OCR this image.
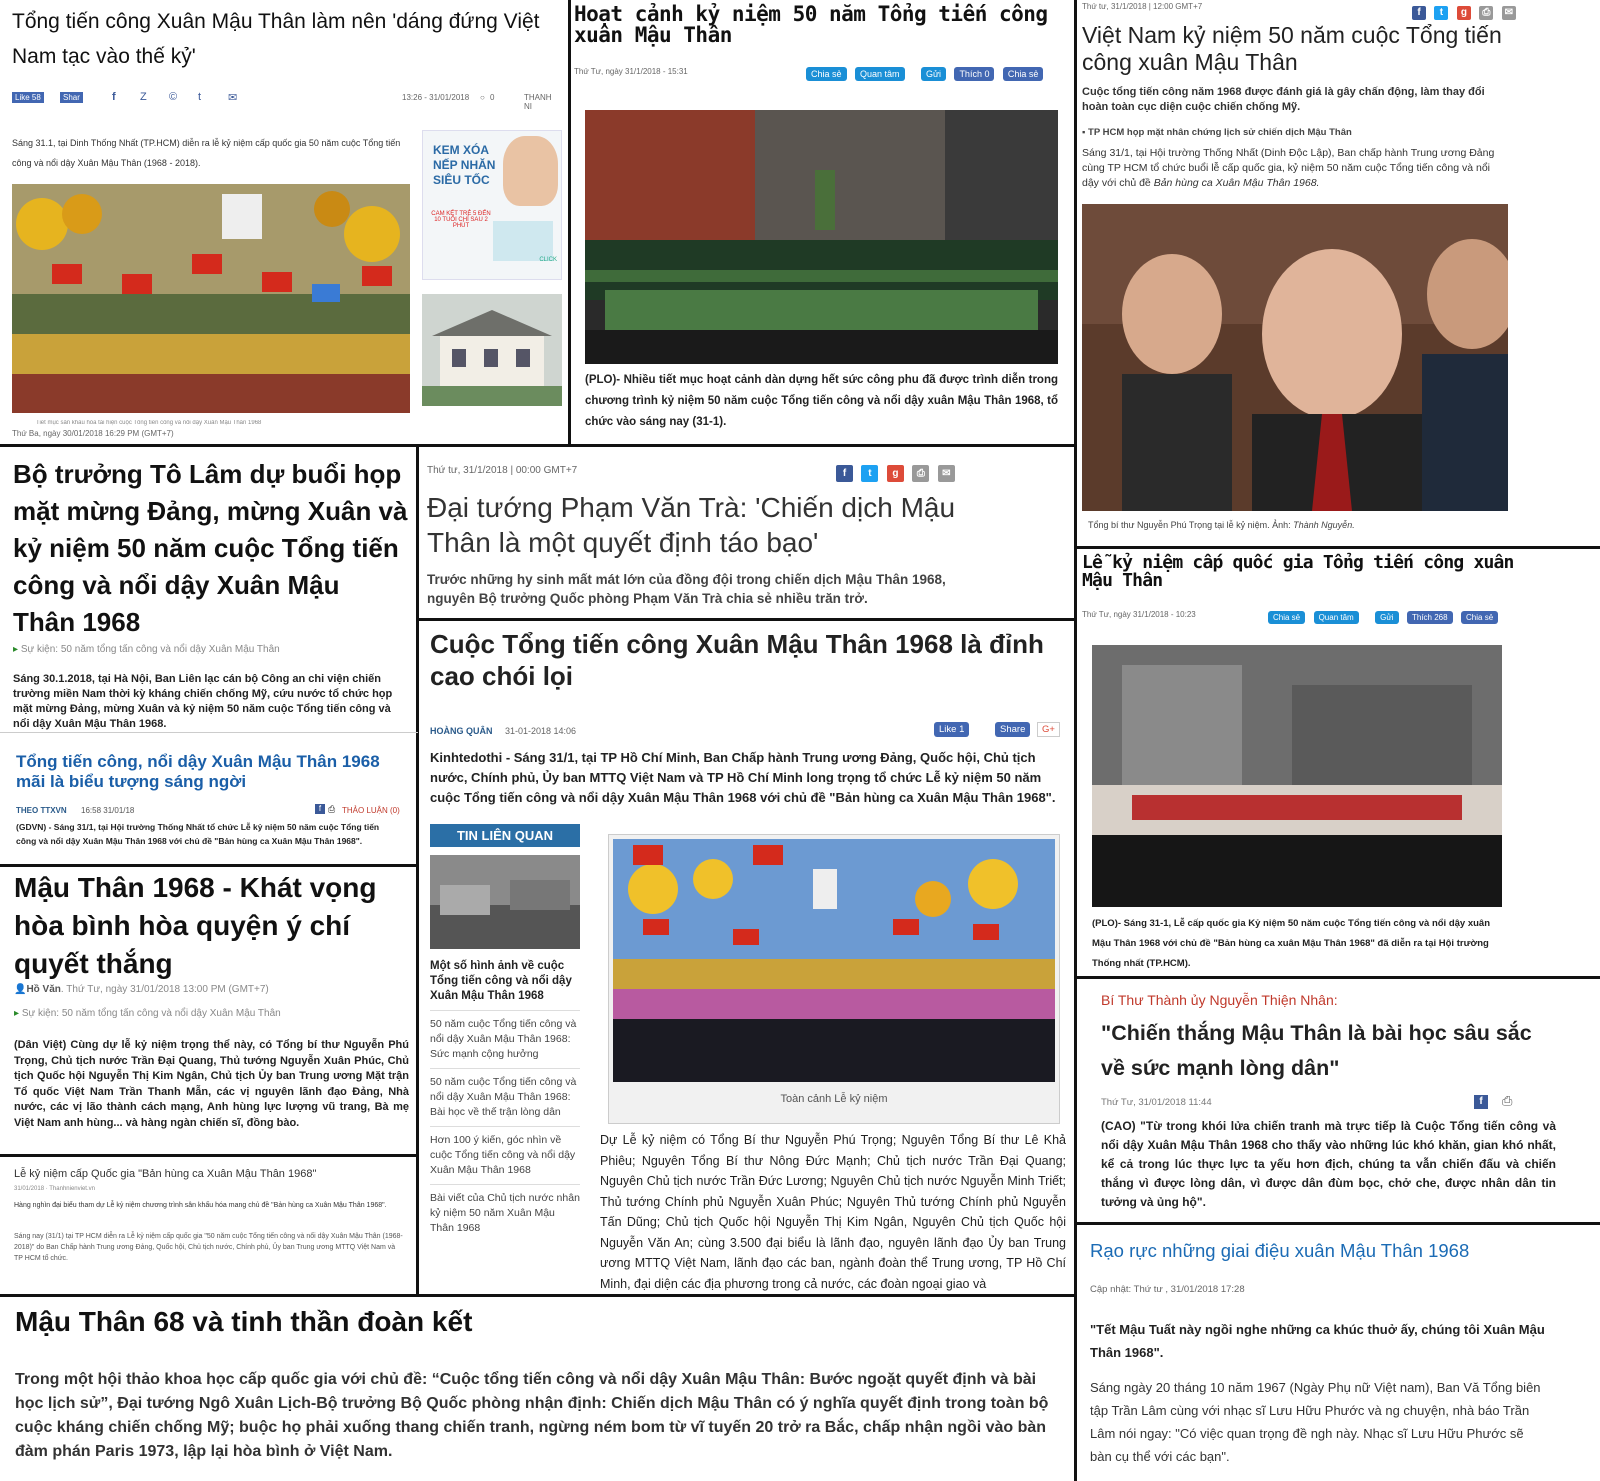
Tổng tiến công Xuân Mậu Thân làm nên 'dáng đứng Việt Nam tạc vào thế kỷ'
Like 58	Shar	f Z © t ✉	13:26 - 31/01/2018 ○ 0	THANH NI
Sáng 31.1, tại Dinh Thống Nhất (TP.HCM) diễn ra lễ kỷ niệm cấp quốc gia 50 năm cuộc Tổng tiến công và nổi dậy Xuân Mậu Thân (1968 - 2018).
Tiết mục sân khấu hóa tái hiện cuộc Tổng tiến công và nổi dậy Xuân Mậu Thân 1968
Thứ Ba, ngày 30/01/2018 16:29 PM (GMT+7)
KEM XÓA
NẾP NHĂN
SIÊU TỐC
CAM KẾT TRẺ 5 ĐẾN 10 TUỔI CHỈ SAU 2 PHÚT
CLICK
Hoạt cảnh kỷ niệm 50 năm Tổng tiến công xuân Mậu Thân
Thứ Tư, ngày 31/1/2018 - 15:31	Chia sẻ Quan tâm	Gửi Thích 0 Chia sẻ
(PLO)- Nhiều tiết mục hoạt cảnh dàn dựng hết sức công phu đã được trình diễn trong chương trình kỷ niệm 50 năm cuộc Tổng tiến công và nổi dậy xuân Mậu Thân 1968, tổ chức vào sáng nay (31-1).
Thứ tư, 31/1/2018 | 12:00 GMT+7
f t g ⎙ ✉
Việt Nam kỷ niệm 50 năm cuộc Tổng tiến công xuân Mậu Thân
Cuộc tổng tiến công năm 1968 được đánh giá là gây chấn động, làm thay đổi hoàn toàn cục diện cuộc chiến chống Mỹ.
▪ TP HCM họp mặt nhân chứng lịch sử chiến dịch Mậu Thân
Sáng 31/1, tại Hội trường Thống Nhất (Dinh Độc Lập), Ban chấp hành Trung ương Đảng cùng TP HCM tổ chức buổi lễ cấp quốc gia, kỷ niệm 50 năm cuộc Tổng tiến công và nổi dậy với chủ đề Bản hùng ca Xuân Mậu Thân 1968.
Tổng bí thư Nguyễn Phú Trọng tại lễ kỷ niệm. Ảnh: Thành Nguyễn.
Bộ trưởng Tô Lâm dự buổi họp mặt mừng Đảng, mừng Xuân và kỷ niệm 50 năm cuộc Tổng tiến công và nổi dậy Xuân Mậu Thân 1968
▸ Sự kiện: 50 năm tổng tấn công và nổi dậy Xuân Mậu Thân
Sáng 30.1.2018, tại Hà Nội, Ban Liên lạc cán bộ Công an chi viện chiến trường miền Nam thời kỳ kháng chiến chống Mỹ, cứu nước tổ chức họp mặt mừng Đảng, mừng Xuân và kỷ niệm 50 năm cuộc Tổng tiến công và nổi dậy Xuân Mậu Thân 1968.
Thứ tư, 31/1/2018 | 00:00 GMT+7	f t g ⎙ ✉
Đại tướng Phạm Văn Trà: 'Chiến dịch Mậu Thân là một quyết định táo bạo'
Trước những hy sinh mất mát lớn của đồng đội trong chiến dịch Mậu Thân 1968, nguyên Bộ trưởng Quốc phòng Phạm Văn Trà chia sẻ nhiều trăn trở.
Tổng tiến công, nổi dậy Xuân Mậu Thân 1968 mãi là biểu tượng sáng ngời
THEO TTXVN 16:58 31/01/18	f ⎙ THẢO LUẬN (0)
(GDVN) - Sáng 31/1, tại Hội trường Thống Nhất tổ chức Lễ kỷ niệm 50 năm cuộc Tổng tiến công và nổi dậy Xuân Mậu Thân 1968 với chủ đề "Bản hùng ca Xuân Mậu Thân 1968".
Cuộc Tổng tiến công Xuân Mậu Thân 1968 là đỉnh cao chói lọi
HOÀNG QUÂN 31-01-2018 14:06	Like 1	Share	G+
Kinhtedothi - Sáng 31/1, tại TP Hồ Chí Minh, Ban Chấp hành Trung ương Đảng, Quốc hội, Chủ tịch nước, Chính phủ, Ủy ban MTTQ Việt Nam và TP Hồ Chí Minh long trọng tổ chức Lễ kỷ niệm 50 năm cuộc Tổng tiến công và nổi dậy Xuân Mậu Thân 1968 với chủ đề "Bản hùng ca Xuân Mậu Thân 1968".
TIN LIÊN QUAN
Một số hình ảnh về cuộc Tổng tiến công và nổi dậy Xuân Mậu Thân 1968
50 năm cuộc Tổng tiến công và nổi dậy Xuân Mậu Thân 1968: Sức mạnh cộng hưởng
50 năm cuộc Tổng tiến công và nổi dậy Xuân Mậu Thân 1968: Bài học về thế trận lòng dân
Hơn 100 ý kiến, góc nhìn về cuộc Tổng tiến công và nổi dậy Xuân Mậu Thân 1968
Bài viết của Chủ tịch nước nhân kỷ niệm 50 năm Xuân Mậu Thân 1968
Toàn cảnh Lễ kỷ niệm
Dự Lễ kỷ niệm có Tổng Bí thư Nguyễn Phú Trọng; Nguyên Tổng Bí thư Lê Khả Phiêu; Nguyên Tổng Bí thư Nông Đức Mạnh; Chủ tịch nước Trần Đại Quang; Nguyên Chủ tịch nước Trần Đức Lương; Nguyên Chủ tịch nước Nguyễn Minh Triết; Thủ tướng Chính phủ Nguyễn Xuân Phúc; Nguyên Thủ tướng Chính phủ Nguyễn Tấn Dũng; Chủ tịch Quốc hội Nguyễn Thị Kim Ngân, Nguyên Chủ tịch Quốc hội Nguyễn Văn An; cùng 3.500 đại biểu là lãnh đạo, nguyên lãnh đạo Ủy ban Trung ương MTTQ Việt Nam, lãnh đạo các ban, ngành đoàn thể Trung ương, TP Hồ Chí Minh, đại diện các địa phương trong cả nước, các đoàn ngoại giao và
Lễ kỷ niệm cấp quốc gia Tổng tiến công xuân Mậu Thân
Thứ Tư, ngày 31/1/2018 - 10:23	Chia sẻ Quan tâm	Gửi Thích 268 Chia sẻ
(PLO)- Sáng 31-1, Lễ cấp quốc gia Kỷ niệm 50 năm cuộc Tổng tiến công và nổi dậy xuân Mậu Thân 1968 với chủ đề "Bản hùng ca xuân Mậu Thân 1968" đã diễn ra tại Hội trường Thống nhất (TP.HCM).
Mậu Thân 1968 - Khát vọng hòa bình hòa quyện ý chí quyết thắng
👤Hồ Văn. Thứ Tư, ngày 31/01/2018 13:00 PM (GMT+7)
▸ Sự kiện: 50 năm tổng tấn công và nổi dậy Xuân Mậu Thân
(Dân Việt) Cùng dự lễ kỷ niệm trọng thể này, có Tổng bí thư Nguyễn Phú Trọng, Chủ tịch nước Trần Đại Quang, Thủ tướng Nguyễn Xuân Phúc, Chủ tịch Quốc hội Nguyễn Thị Kim Ngân, Chủ tịch Ủy ban Trung ương Mặt trận Tổ quốc Việt Nam Trần Thanh Mẫn, các vị nguyên lãnh đạo Đảng, Nhà nước, các vị lão thành cách mạng, Anh hùng lực lượng vũ trang, Bà mẹ Việt Nam anh hùng... và hàng ngàn chiến sĩ, đồng bào.
Bí Thư Thành ủy Nguyễn Thiện Nhân:
"Chiến thắng Mậu Thân là bài học sâu sắc về sức mạnh lòng dân"
Thứ Tư, 31/01/2018 11:44	f	⎙
(CAO) "Từ trong khói lửa chiến tranh mà trực tiếp là Cuộc Tổng tiến công và nổi dậy Xuân Mậu Thân 1968 cho thấy vào những lúc khó khăn, gian khó nhất, kể cả trong lúc thực lực ta yếu hơn địch, chúng ta vẫn chiến đấu và chiến thắng vì được lòng dân, vì được dân đùm bọc, chở che, được nhân dân tin tưởng và ủng hộ".
Lễ kỷ niệm cấp Quốc gia "Bản hùng ca Xuân Mậu Thân 1968"
31/01/2018 · Thanhnienviet.vn
Hàng nghìn đại biểu tham dự Lễ kỷ niệm chương trình sân khấu hóa mang chủ đề "Bản hùng ca Xuân Mậu Thân 1968".
Sáng nay (31/1) tại TP HCM diễn ra Lễ kỷ niệm cấp quốc gia "50 năm cuộc Tổng tiến công và nổi dậy Xuân Mậu Thân (1968-2018)" do Ban Chấp hành Trung ương Đảng, Quốc hội, Chủ tịch nước, Chính phủ, Ủy ban Trung ương MTTQ Việt Nam và TP HCM tổ chức.
Mậu Thân 68 và tinh thần đoàn kết
Trong một hội thảo khoa học cấp quốc gia với chủ đề: “Cuộc tổng tiến công và nổi dậy Xuân Mậu Thân: Bước ngoặt quyết định và bài học lịch sử”, Đại tướng Ngô Xuân Lịch-Bộ trưởng Bộ Quốc phòng nhận định: Chiến dịch Mậu Thân có ý nghĩa quyết định trong toàn bộ cuộc kháng chiến chống Mỹ; buộc họ phải xuống thang chiến tranh, ngừng ném bom từ vĩ tuyến 20 trở ra Bắc, chấp nhận ngồi vào bàn đàm phán Paris 1973, lập lại hòa bình ở Việt Nam.
Rạo rực những giai điệu xuân Mậu Thân 1968
Cập nhật: Thứ tư , 31/01/2018 17:28
"Tết Mậu Tuất này ngồi nghe những ca khúc thuở ấy, chúng tôi Xuân Mậu Thân 1968".
Sáng ngày 20 tháng 10 năm 1967 (Ngày Phụ nữ Việt nam), Ban Vă Tổng biên tập Trần Lâm cùng với nhạc sĩ Lưu Hữu Phước và ng chuyện, nhà báo Trần Lâm nói ngay: "Có việc quan trọng đề ngh này. Nhạc sĩ Lưu Hữu Phước sẽ bàn cụ thể với các bạn".
